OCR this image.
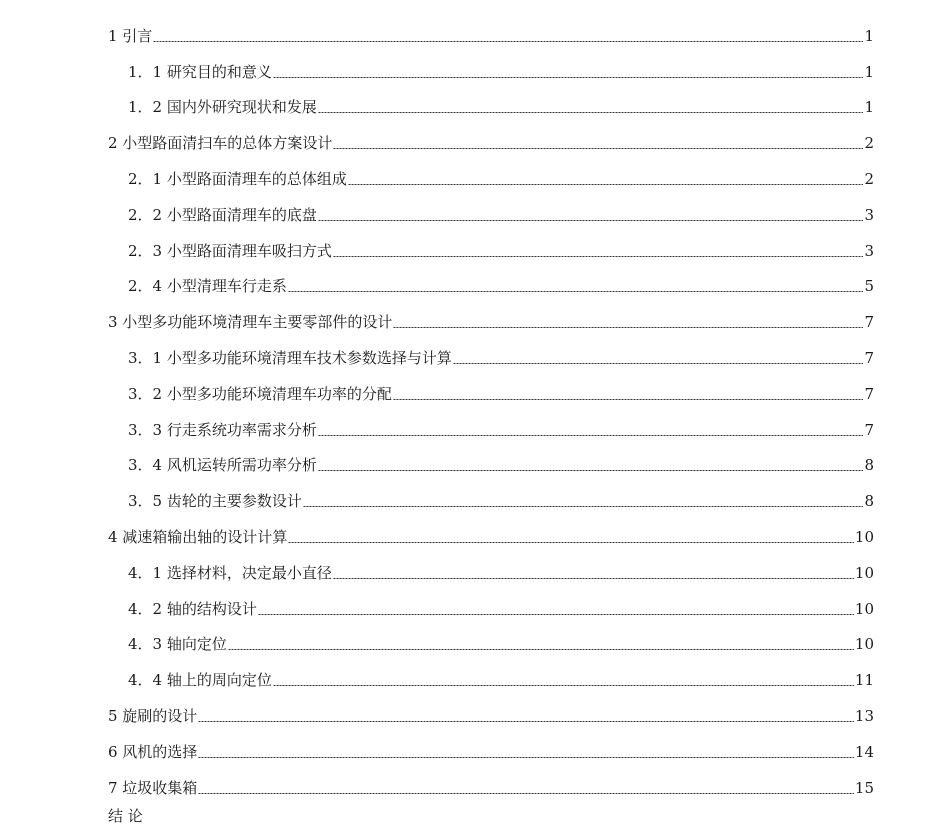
1 引言	1
1．1 研究目的和意义	1
1．2 国内外研究现状和发展	1
2 小型路面清扫车的总体方案设计	2
2．1 小型路面清理车的总体组成	2
2．2 小型路面清理车的底盘	3
2．3 小型路面清理车吸扫方式	3
2．4 小型清理车行走系	5
3 小型多功能环境清理车主要零部件的设计	7
3．1 小型多功能环境清理车技术参数选择与计算	7
3．2 小型多功能环境清理车功率的分配	7
3．3 行走系统功率需求分析	7
3．4 风机运转所需功率分析	8
3．5 齿轮的主要参数设计	8
4 减速箱输出轴的设计计算	10
4．1 选择材料，决定最小直径	10
4．2 轴的结构设计	10
4．3 轴向定位	10
4．4 轴上的周向定位	11
5 旋刷的设计	13
6 风机的选择	14
7 垃圾收集箱	15
结 论
